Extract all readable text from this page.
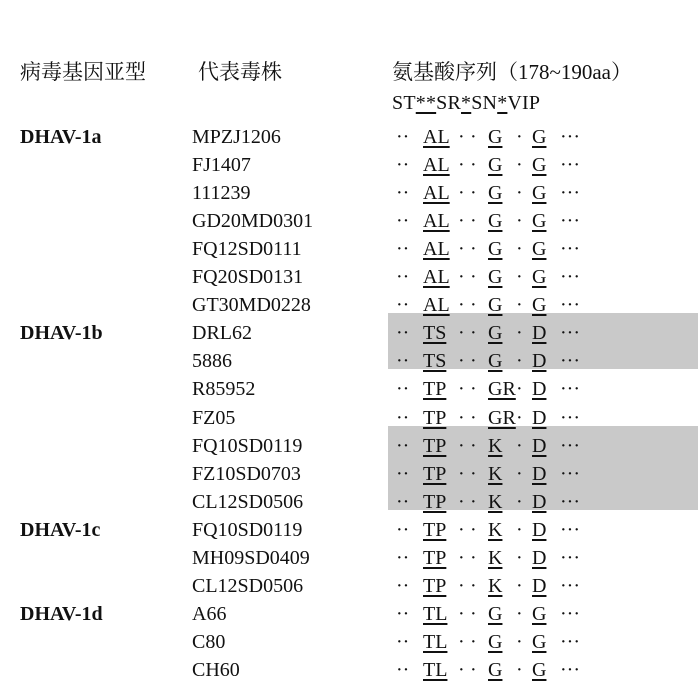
病毒基因亚型 代表毒株	氨基酸序列（178~190aa）
ST**SR*SN*VIP
DHAV-1a	MPZJ1206	·· AL · · G · G ···
FJ1407	·· AL · · G · G ···
111239	·· AL · · G · G ···
GD20MD0301	·· AL · · G · G ···
FQ12SD0111	·· AL · · G · G ···
FQ20SD0131	·· AL · · G · G ···
GT30MD0228	·· AL · · G · G ···
DHAV-1b	DRL62	·· TS · · G · D ···
5886	·· TS · · G · D ···
R85952	·· TP · · GR · D ···
FZ05	·· TP · · GR · D ···
FQ10SD0119	·· TP · · K · D ···
FZ10SD0703	·· TP · · K · D ···
CL12SD0506	·· TP · · K · D ···
DHAV-1c	FQ10SD0119	·· TP · · K · D ···
MH09SD0409	·· TP · · K · D ···
CL12SD0506	·· TP · · K · D ···
DHAV-1d	A66	·· TL · · G · G ···
C80	·· TL · · G · G ···
CH60	·· TL · · G · G ···
